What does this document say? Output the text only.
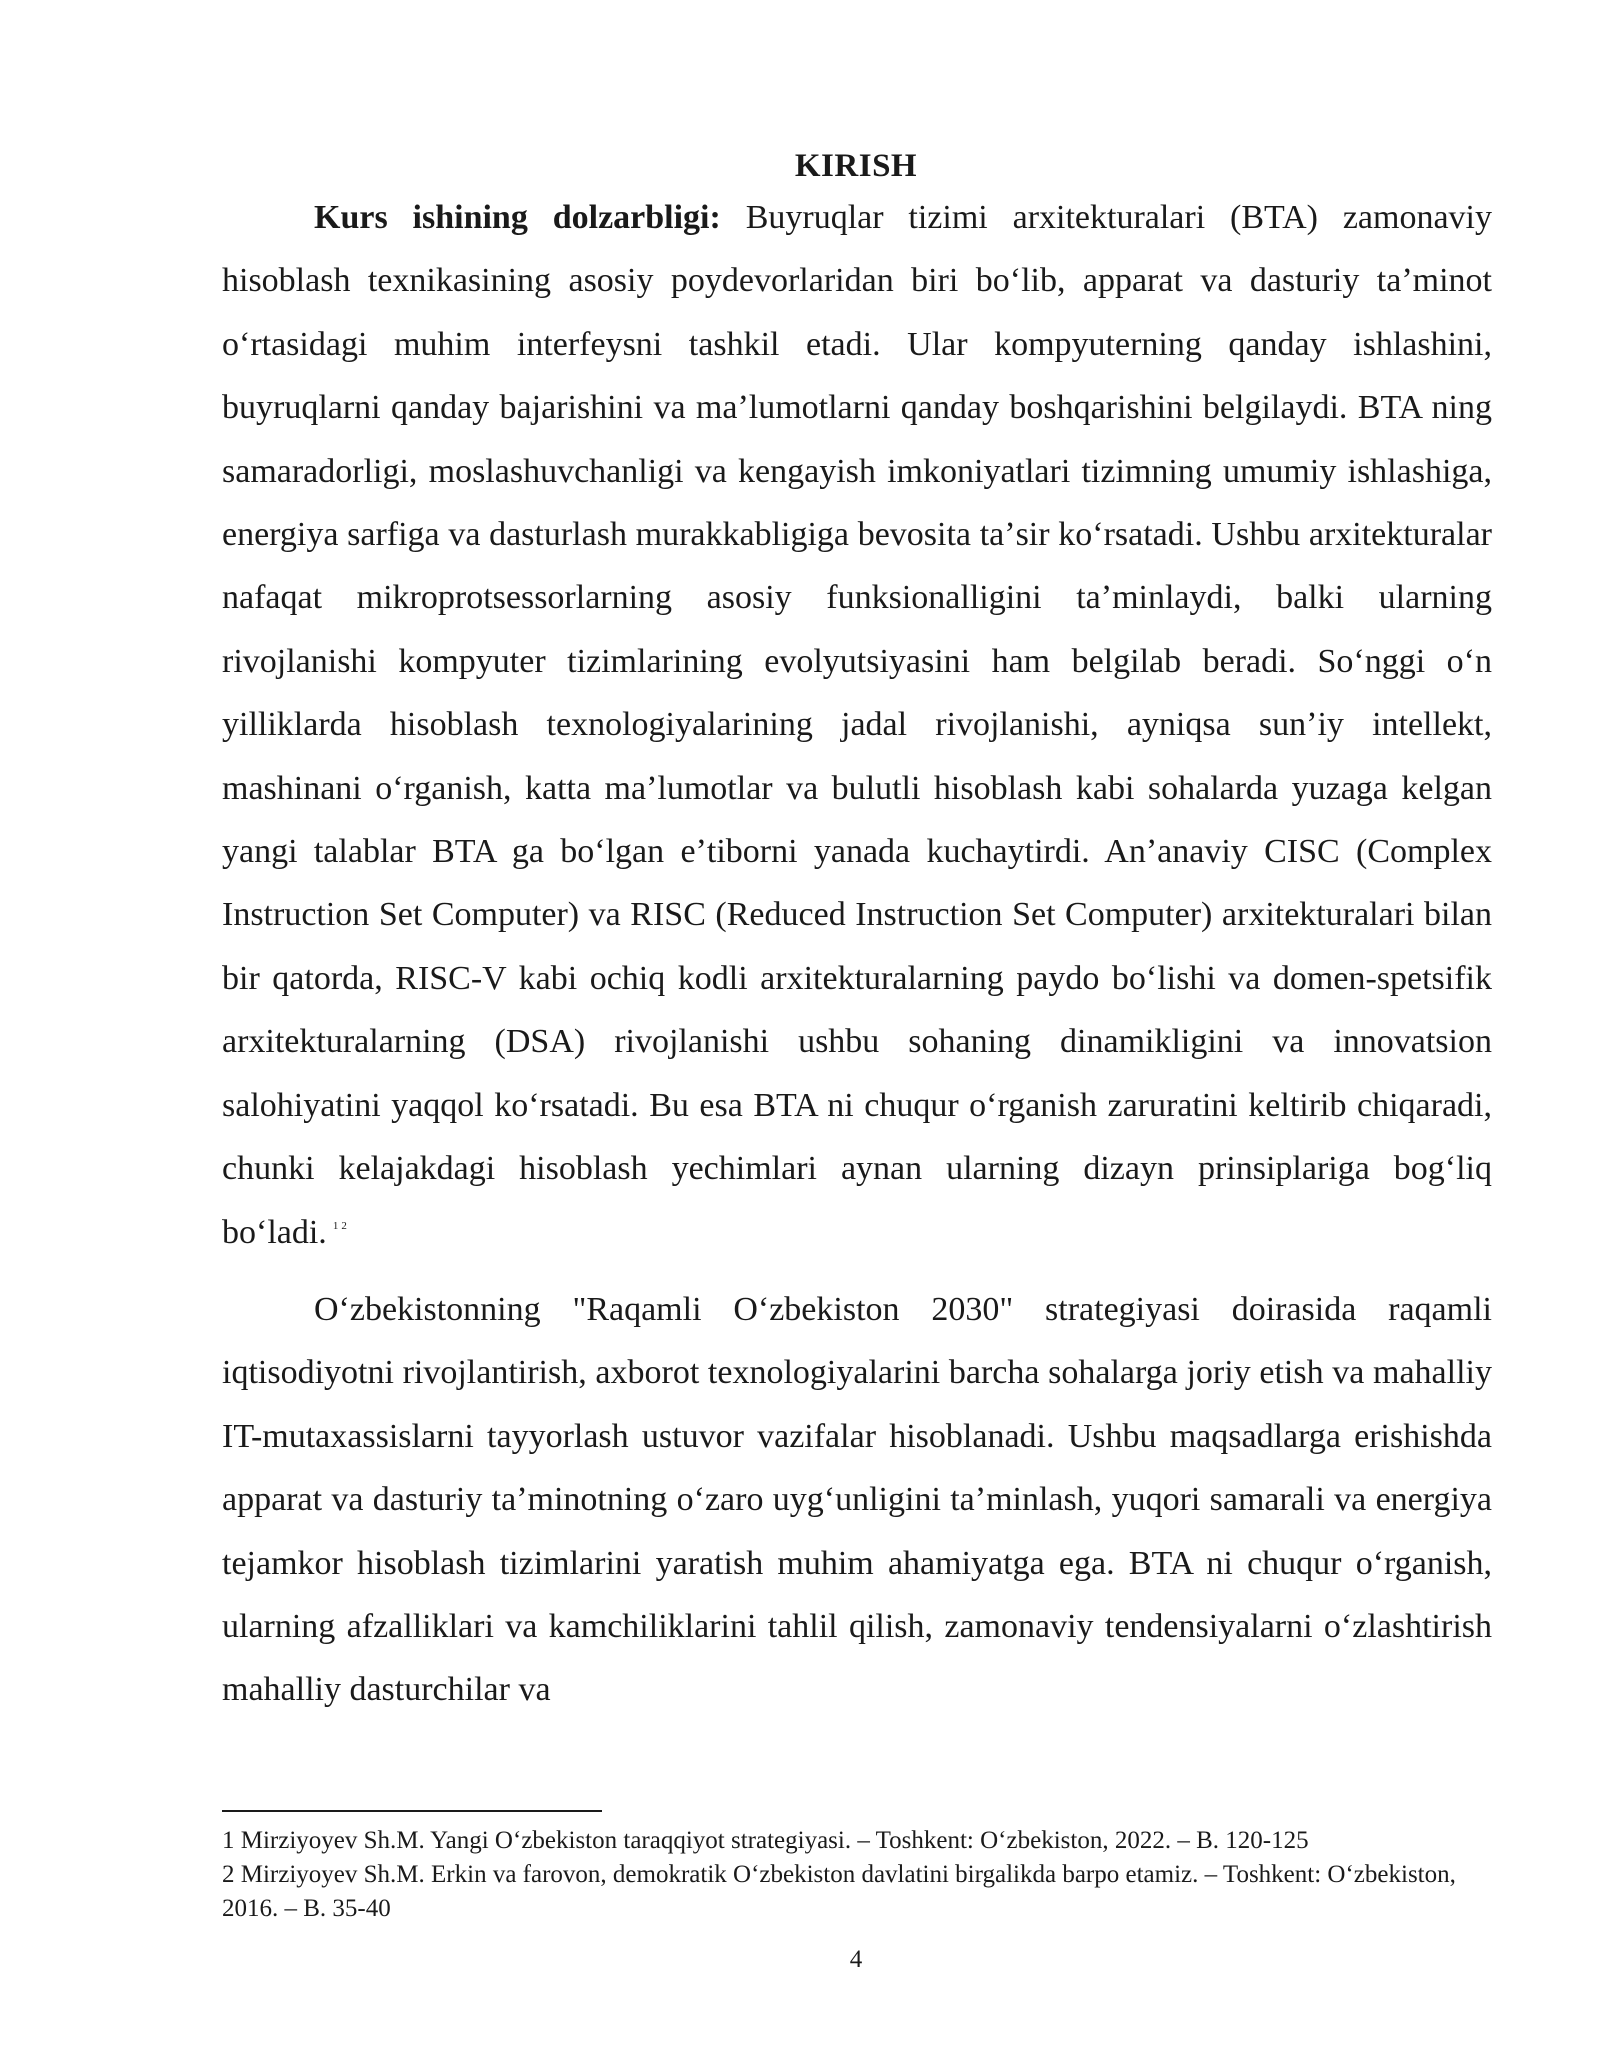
KIRISH

Kurs ishining dolzarbligi: Buyruqlar tizimi arxitekturalari (BTA) zamonaviy hisoblash texnikasining asosiy poydevorlaridan biri boʻlib, apparat va dasturiy taʼminot oʻrtasidagi muhim interfeysni tashkil etadi. Ular kompyuterning qanday ishlashini, buyruqlarni qanday bajarishini va maʼlumotlarni qanday boshqarishini belgilaydi. BTA ning samaradorligi, moslashuvchanligi va kengayish imkoniyatlari tizimning umumiy ishlashiga, energiya sarfiga va dasturlash murakkabligiga bevosita taʼsir koʻrsatadi. Ushbu arxitekturalar nafaqat mikroprotsessorlarning asosiy funksionalligini taʼminlaydi, balki ularning rivojlanishi kompyuter tizimlarining evolyutsiyasini ham belgilab beradi. Soʻnggi oʻn yilliklarda hisoblash texnologiyalarining jadal rivojlanishi, ayniqsa sunʼiy intellekt, mashinani oʻrganish, katta maʼlumotlar va bulutli hisoblash kabi sohalarda yuzaga kelgan yangi talablar BTA ga boʻlgan eʼtiborni yanada kuchaytirdi. Anʼanaviy CISC (Complex Instruction Set Computer) va RISC (Reduced Instruction Set Computer) arxitekturalari bilan bir qatorda, RISC-V kabi ochiq kodli arxitekturalarning paydo boʻlishi va domen-spetsifik arxitekturalarning (DSA) rivojlanishi ushbu sohaning dinamikligini va innovatsion salohiyatini yaqqol koʻrsatadi. Bu esa BTA ni chuqur oʻrganish zaruratini keltirib chiqaradi, chunki kelajakdagi hisoblash yechimlari aynan ularning dizayn prinsiplariga bogʻliq boʻladi. $^{1 2}$

Oʻzbekistonning "Raqamli Oʻzbekiston 2030" strategiyasi doirasida raqamli iqtisodiyotni rivojlantirish, axborot texnologiyalarini barcha sohalarga joriy etish va mahalliy IT-mutaxassislarni tayyorlash ustuvor vazifalar hisoblanadi. Ushbu maqsadlarga erishishda apparat va dasturiy taʼminotning oʻzaro uygʻunligini taʼminlash, yuqori samarali va energiya tejamkor hisoblash tizimlarini yaratish muhim ahamiyatga ega. BTA ni chuqur oʻrganish, ularning afzalliklari va kamchiliklarini tahlil qilish, zamonaviy tendensiyalarni oʻzlashtirish mahalliy dasturchilar va

1 Mirziyoyev Sh.M. Yangi Oʻzbekiston taraqqiyot strategiyasi. – Toshkent: Oʻzbekiston, 2022. – B. 120-125

2 Mirziyoyev Sh.M. Erkin va farovon, demokratik Oʻzbekiston davlatini birgalikda barpo etamiz. – Toshkent: Oʻzbekiston, 2016. – B. 35-40

4
